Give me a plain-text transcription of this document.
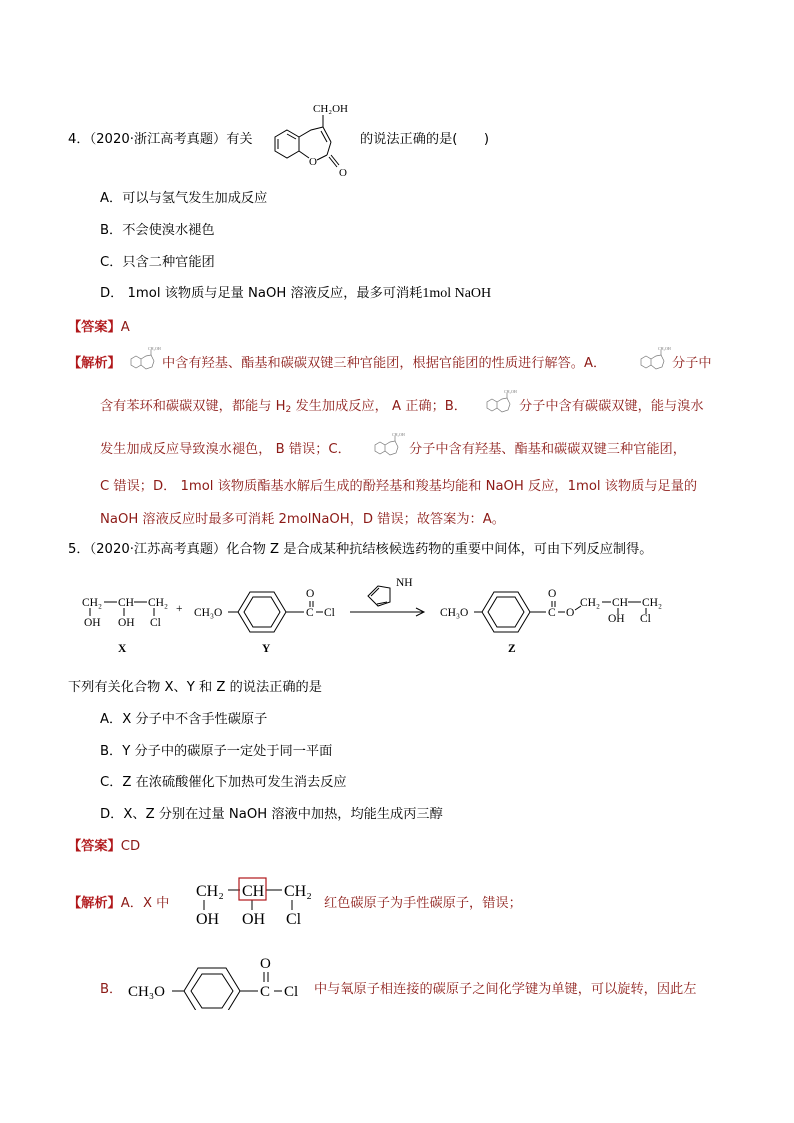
4．（2020·浙江高考真题）有关
CH₂OH
O
O
的说法正确的是(　　)
A．可以与氢气发生加成反应
B．不会使溴水褪色
C．只含二种官能团
D． 1mol 该物质与足量 NaOH 溶液反应，最多可消耗1mol NaOH
【答案】A
【解析】
CH₂OH
中含有羟基、酯基和碳碳双键三种官能团，根据官能团的性质进行解答。A．
CH₂OH
分子中
含有苯环和碳碳双键，都能与 $H_2$ 发生加成反应， A 正确；B．
CH₂OH
分子中含有碳碳双键，能与溴水
发生加成反应导致溴水褪色， B 错误；C．
CH₂OH
分子中含有羟基、酯基和碳碳双键三种官能团，
C 错误；D． 1mol 该物质酯基水解后生成的酚羟基和羧基均能和 NaOH 反应，1mol 该物质与足量的
NaOH 溶液反应时最多可消耗 2molNaOH，D 错误；故答案为：A。
5．（2020·江苏高考真题）化合物 Z 是合成某种抗结核候选药物的重要中间体，可由下列反应制得。
CH₂ CH CH₂
OH OH Cl
X
+ CH₃O	C
O
Cl
Y
NH
CH₃O	C
O
O
CH₂ CH CH₂
OH Cl
Z
下列有关化合物 X、Y 和 Z 的说法正确的是
A．X 分子中不含手性碳原子
B．Y 分子中的碳原子一定处于同一平面
C．Z 在浓硫酸催化下加热可发生消去反应
D．X、Z 分别在过量 NaOH 溶液中加热，均能生成丙三醇
【答案】CD
【解析】A．X 中
CH₂ CH CH₂
OH OH Cl
红色碳原子为手性碳原子，错误；
B． CH₃O	C
O
Cl 中与氧原子相连接的碳原子之间化学键为单键，可以旋转，因此左
